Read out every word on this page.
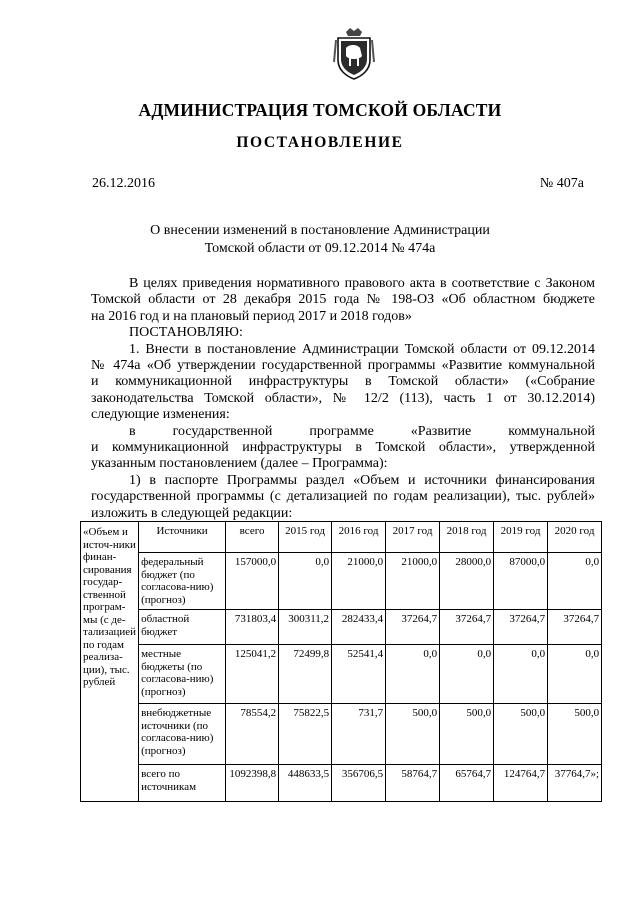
АДМИНИСТРАЦИЯ ТОМСКОЙ ОБЛАСТИ
ПОСТАНОВЛЕНИЕ
26.12.2016	№ 407а
О внесении изменений в постановление Администрации
Томской области от 09.12.2014 № 474а
В целях приведения нормативного правового акта в соответствие с Законом
Томской области от 28 декабря 2015 года № 198-ОЗ «Об областном бюджете
на 2016 год и на плановый период 2017 и 2018 годов»
ПОСТАНОВЛЯЮ:
1. Внести в постановление Администрации Томской области от 09.12.2014
№ 474а «Об утверждении государственной программы «Развитие коммунальной
и коммуникационной инфраструктуры в Томской области» («Собрание
законодательства Томской области», № 12/2 (113), часть 1 от 30.12.2014)
следующие изменения:
в государственной программе «Развитие коммунальной
и коммуникационной инфраструктуры в Томской области», утвержденной
указанным постановлением (далее – Программа):
1) в паспорте Программы раздел «Объем и источники финансирования
государственной программы (с детализацией по годам реализации), тыс. рублей»
изложить в следующей редакции:
«Объем и источ-ники финан-сирования государ-ственной програм-мы (с де-тализацией по годам реализа-ции), тыс. рублей	Источники	всего	2015 год	2016 год	2017 год	2018 год	2019 год	2020 год
	федеральный бюджет (по согласова-нию) (прогноз)	157000,0	0,0	21000,0	21000,0	28000,0	87000,0	0,0
	областной бюджет	731803,4	300311,2	282433,4	37264,7	37264,7	37264,7	37264,7
	местные бюджеты (по согласова-нию) (прогноз)	125041,2	72499,8	52541,4	0,0	0,0	0,0	0,0
	внебюджетные источники (по согласова-нию) (прогноз)	78554,2	75822,5	731,7	500,0	500,0	500,0	500,0
	всего по источникам	1092398,8	448633,5	356706,5	58764,7	65764,7	124764,7	37764,7»;
